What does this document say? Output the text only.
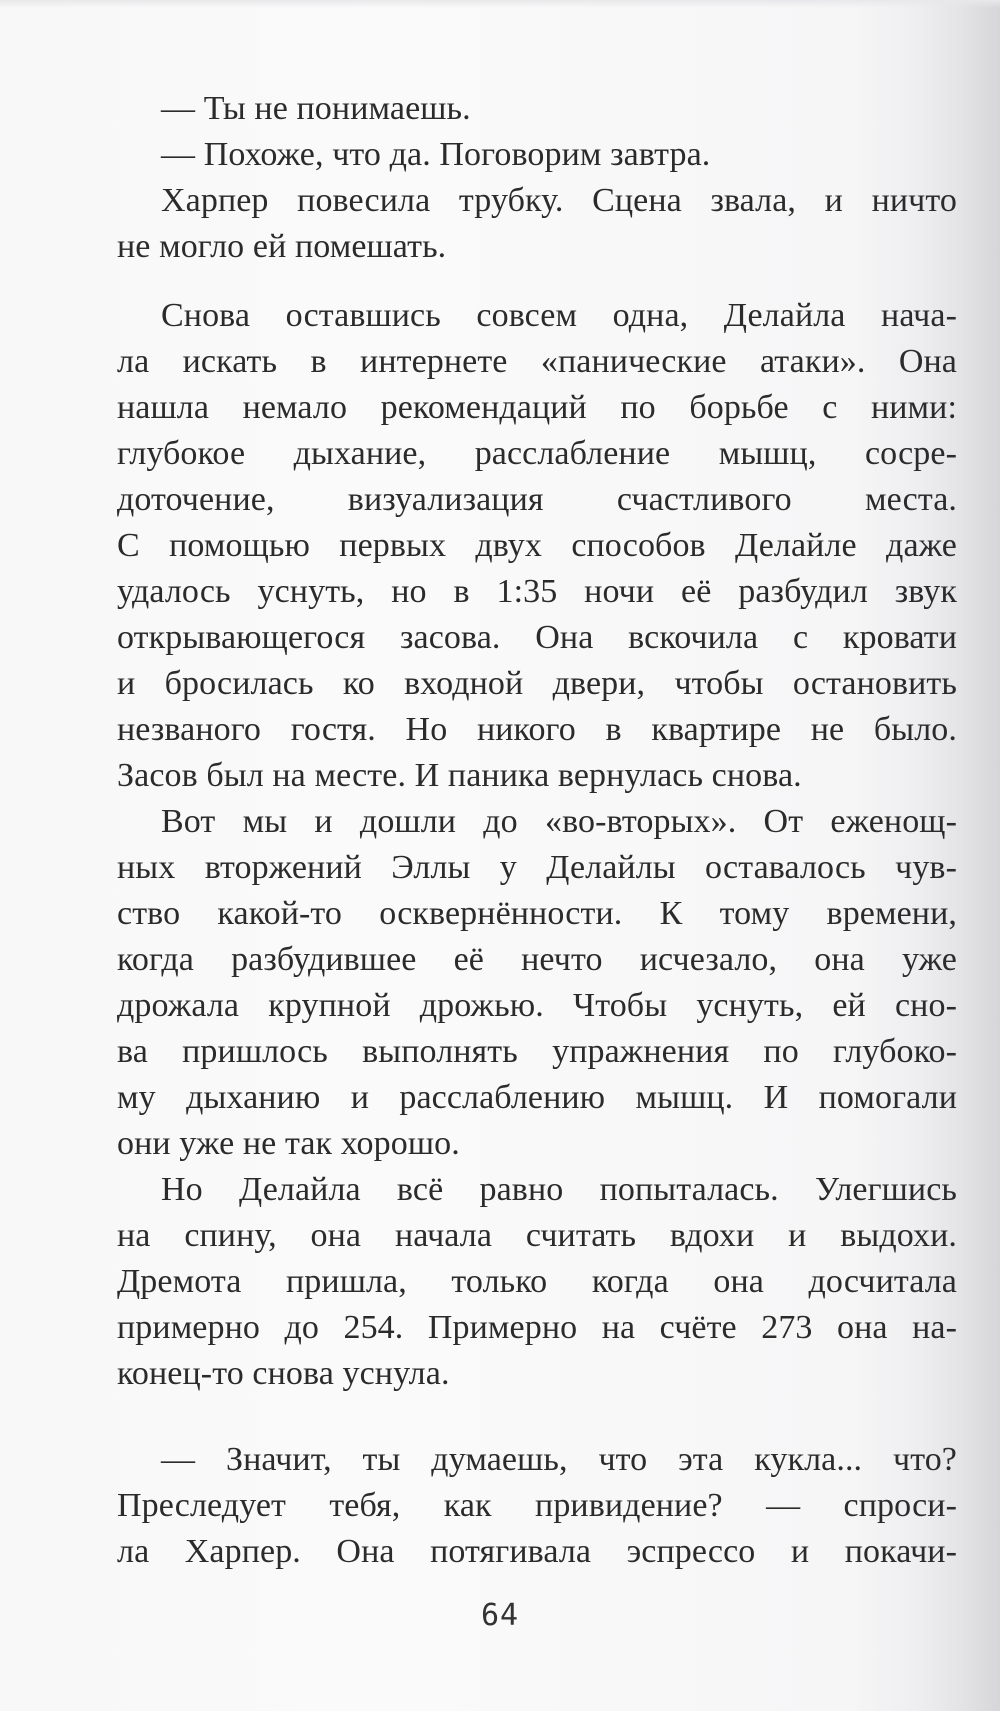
— Ты не понимаешь.
— Похоже, что да. Поговорим завтра.
Харпер повесила трубку. Сцена звала, и ничто
не могло ей помешать.
Снова оставшись совсем одна, Делайла нача-
ла искать в интернете «панические атаки». Она
нашла немало рекомендаций по борьбе с ними:
глубокое дыхание, расслабление мышц, сосре-
доточение, визуализация счастливого места.
С помощью первых двух способов Делайле даже
удалось уснуть, но в 1:35 ночи её разбудил звук
открывающегося засова. Она вскочила с кровати
и бросилась ко входной двери, чтобы остановить
незваного гостя. Но никого в квартире не было.
Засов был на месте. И паника вернулась снова.
Вот мы и дошли до «во-вторых». От еженощ-
ных вторжений Эллы у Делайлы оставалось чув-
ство какой-то осквернённости. К тому времени,
когда разбудившее её нечто исчезало, она уже
дрожала крупной дрожью. Чтобы уснуть, ей сно-
ва пришлось выполнять упражнения по глубоко-
му дыханию и расслаблению мышц. И помогали
они уже не так хорошо.
Но Делайла всё равно попыталась. Улегшись
на спину, она начала считать вдохи и выдохи.
Дремота пришла, только когда она досчитала
примерно до 254. Примерно на счёте 273 она на-
конец-то снова уснула.
— Значит, ты думаешь, что эта кукла... что?
Преследует тебя, как привидение? — спроси-
ла Харпер. Она потягивала эспрессо и покачи-
64
